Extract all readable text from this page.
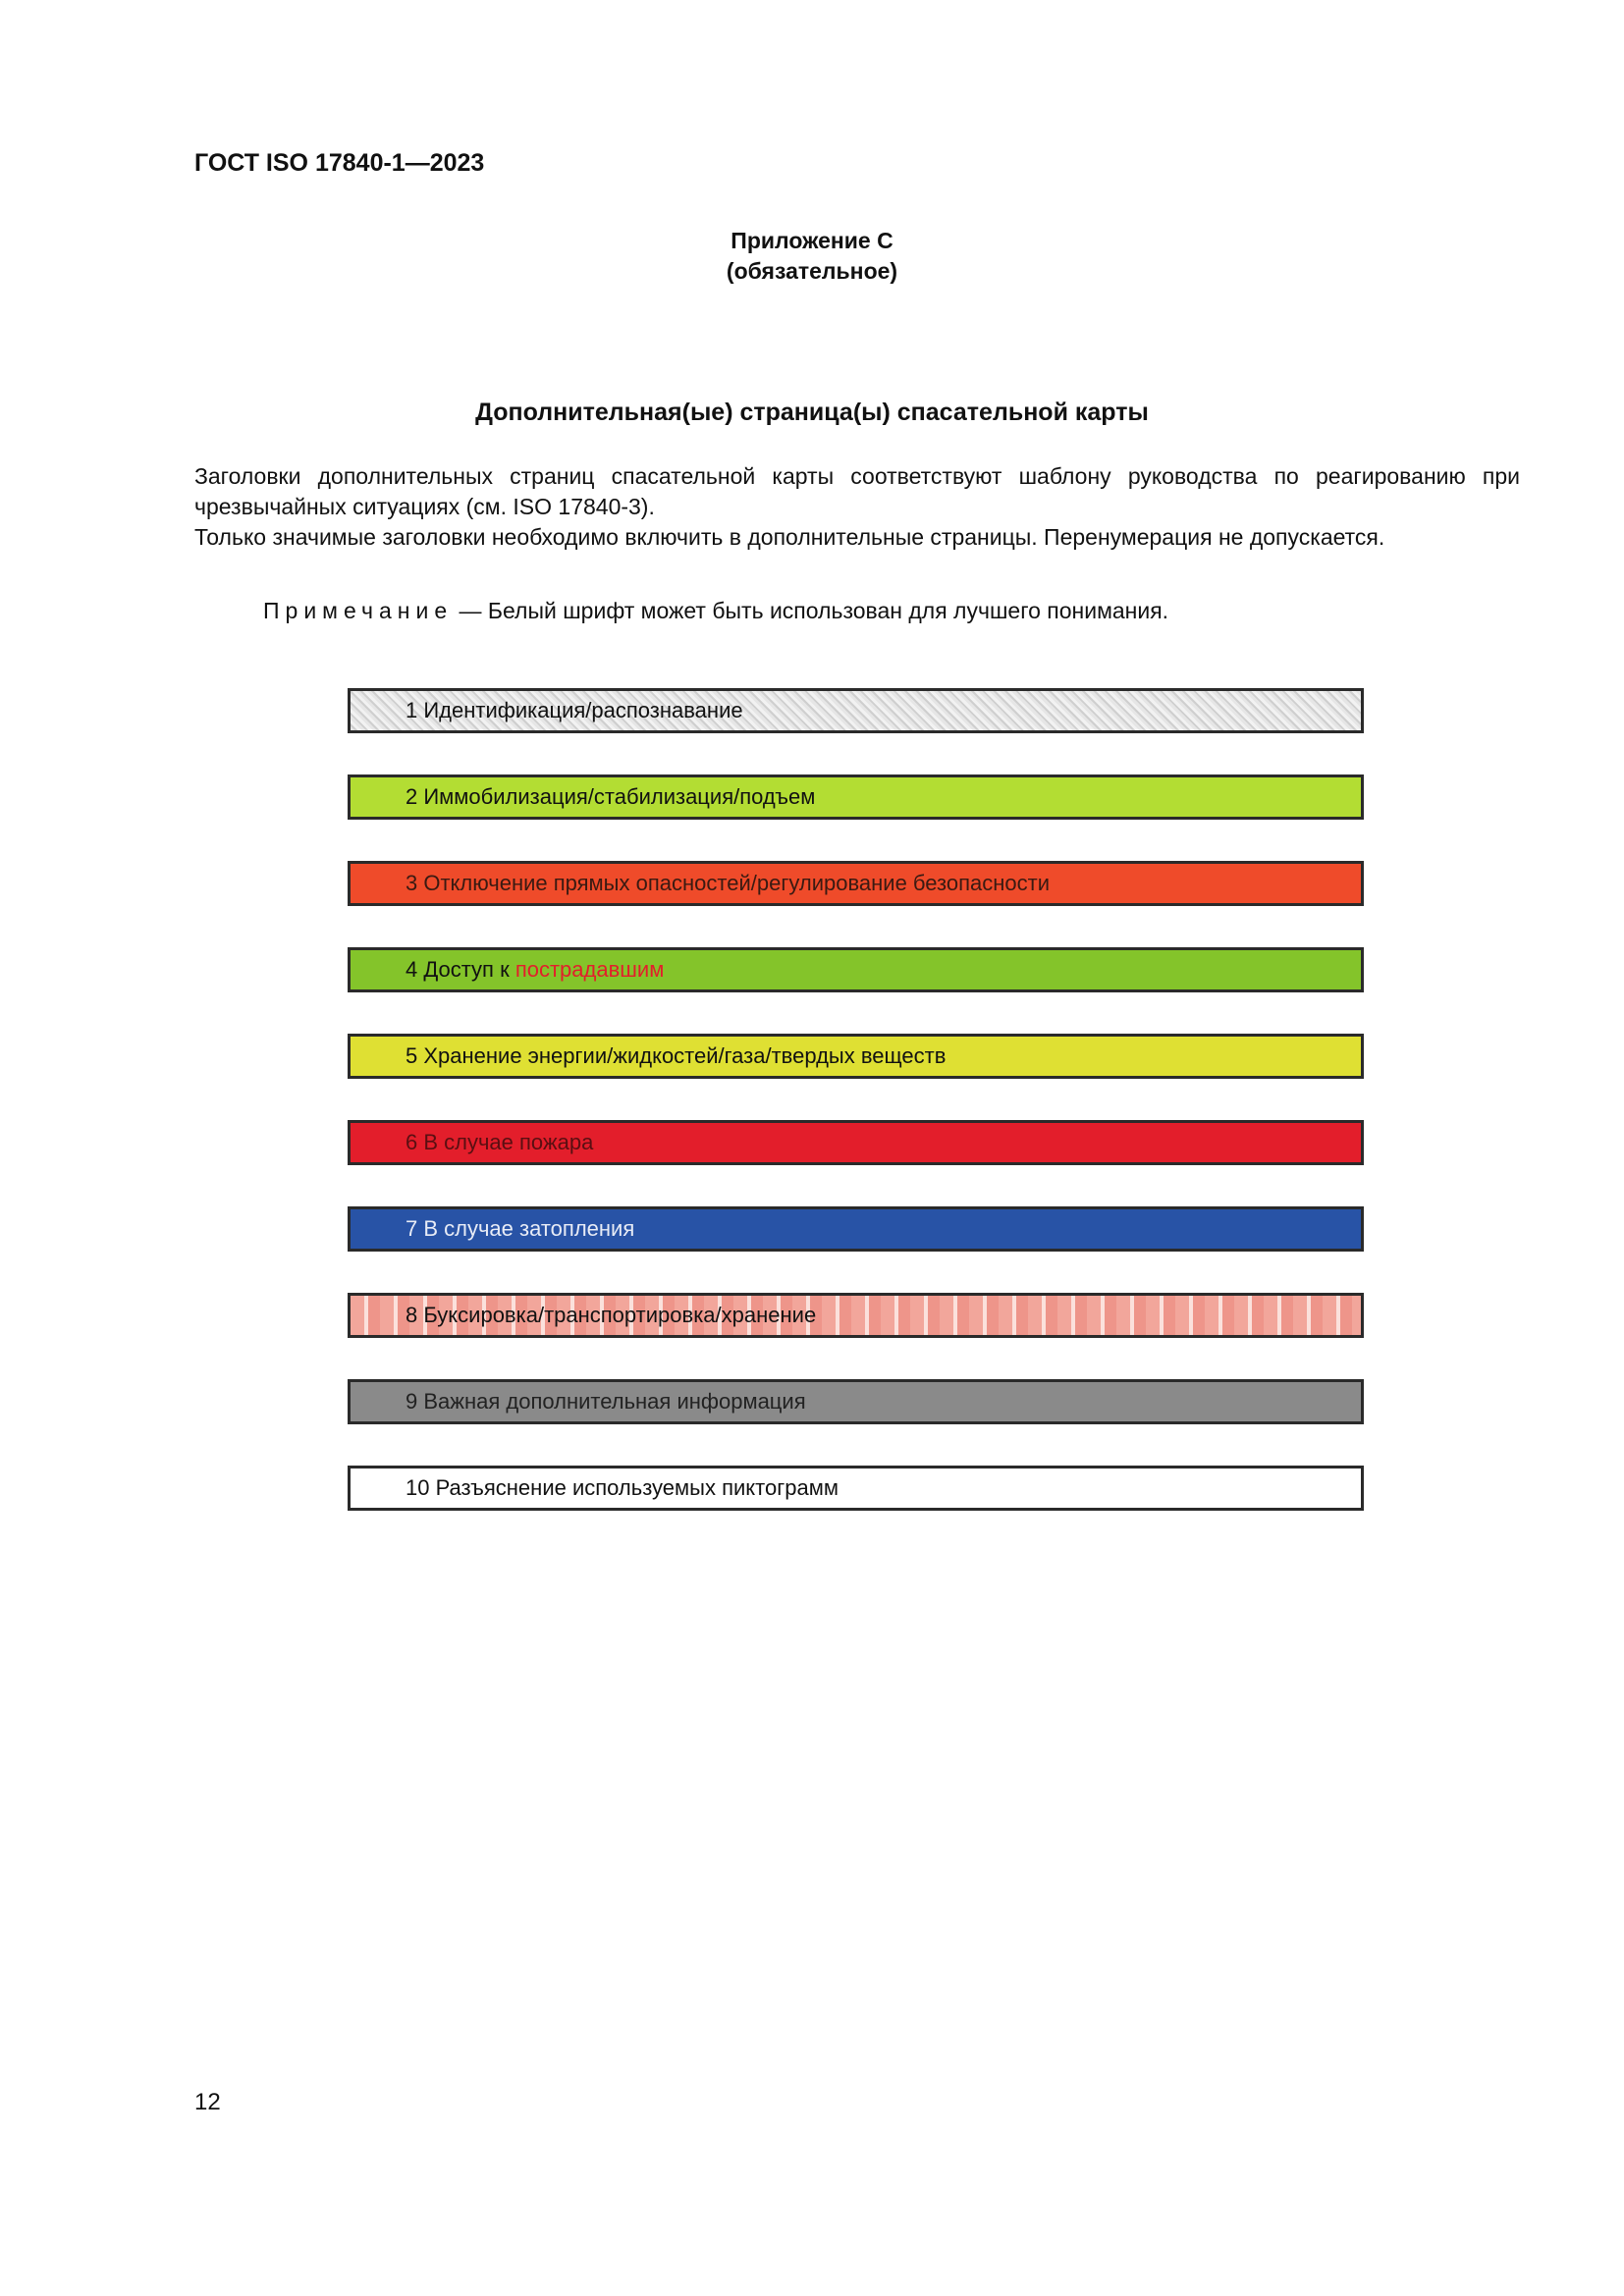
ГОСТ ISO 17840-1—2023
Приложение С
(обязательное)
Дополнительная(ые) страница(ы) спасательной карты

Заголовки дополнительных страниц спасательной карты соответствуют шаблону руководства по реагированию при чрезвычайных ситуациях (см. ISO 17840-3).

Только значимые заголовки необходимо включить в дополнительные страницы. Перенумерация не допускается.

Примечание — Белый шрифт может быть использован для лучшего понимания.
1 Идентификация/распознавание
2 Иммобилизация/стабилизация/подъем
3 Отключение прямых опасностей/регулирование безопасности
4 Доступ к
пострадавшим
5 Хранение энергии/жидкостей/газа/твердых веществ
6 В случае пожара
7 В случае затопления
8 Буксировка/транспортировка/хранение
9 Важная дополнительная информация
10 Разъяснение используемых пиктограмм
12
